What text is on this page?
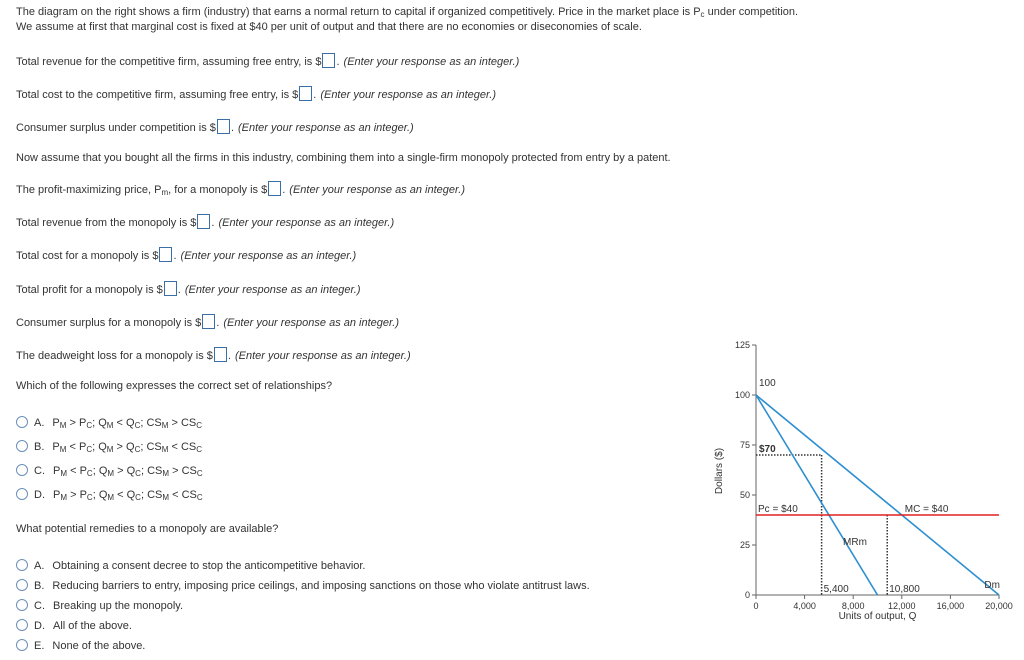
The diagram on the right shows a firm (industry) that earns a normal return to capital if organized competitively. Price in the market place is $P_c$ under competition.
We assume at first that marginal cost is fixed at $40 per unit of output and that there are no economies or diseconomies of scale.
Total revenue for the competitive firm, assuming free entry, is $ . (Enter your response as an integer.)
Total cost to the competitive firm, assuming free entry, is $ . (Enter your response as an integer.)
Consumer surplus under competition is $ . (Enter your response as an integer.)
Now assume that you bought all the firms in this industry, combining them into a single-firm monopoly protected from entry by a patent.
The profit-maximizing price, $P_m$, for a monopoly is $ . (Enter your response as an integer.)
Total revenue from the monopoly is $ . (Enter your response as an integer.)
Total cost for a monopoly is $ . (Enter your response as an integer.)
Total profit for a monopoly is $ . (Enter your response as an integer.)
Consumer surplus for a monopoly is $ . (Enter your response as an integer.)
The deadweight loss for a monopoly is $ . (Enter your response as an integer.)
Which of the following expresses the correct set of relationships?
A. $P_M > P_C$; $Q_M < Q_C$; $CS_M > CS_C$
B. $P_M < P_C$; $Q_M > Q_C$; $CS_M < CS_C$
C. $P_M < P_C$; $Q_M > Q_C$; $CS_M > CS_C$
D. $P_M > P_C$; $Q_M < Q_C$; $CS_M < CS_C$
What potential remedies to a monopoly are available?
A. Obtaining a consent decree to stop the anticompetitive behavior.
B. Reducing barriers to entry, imposing price ceilings, and imposing sanctions on those who violate antitrust laws.
C. Breaking up the monopoly.
D. All of the above.
E. None of the above.
0
25
50
75
100
125
0	4,000	8,000	12,000 16,000 20,000
Units of output, Q
Dollars ($)
100
$70
Pc = $40	MC = $40
MRm
5,400	10,800	Dm
